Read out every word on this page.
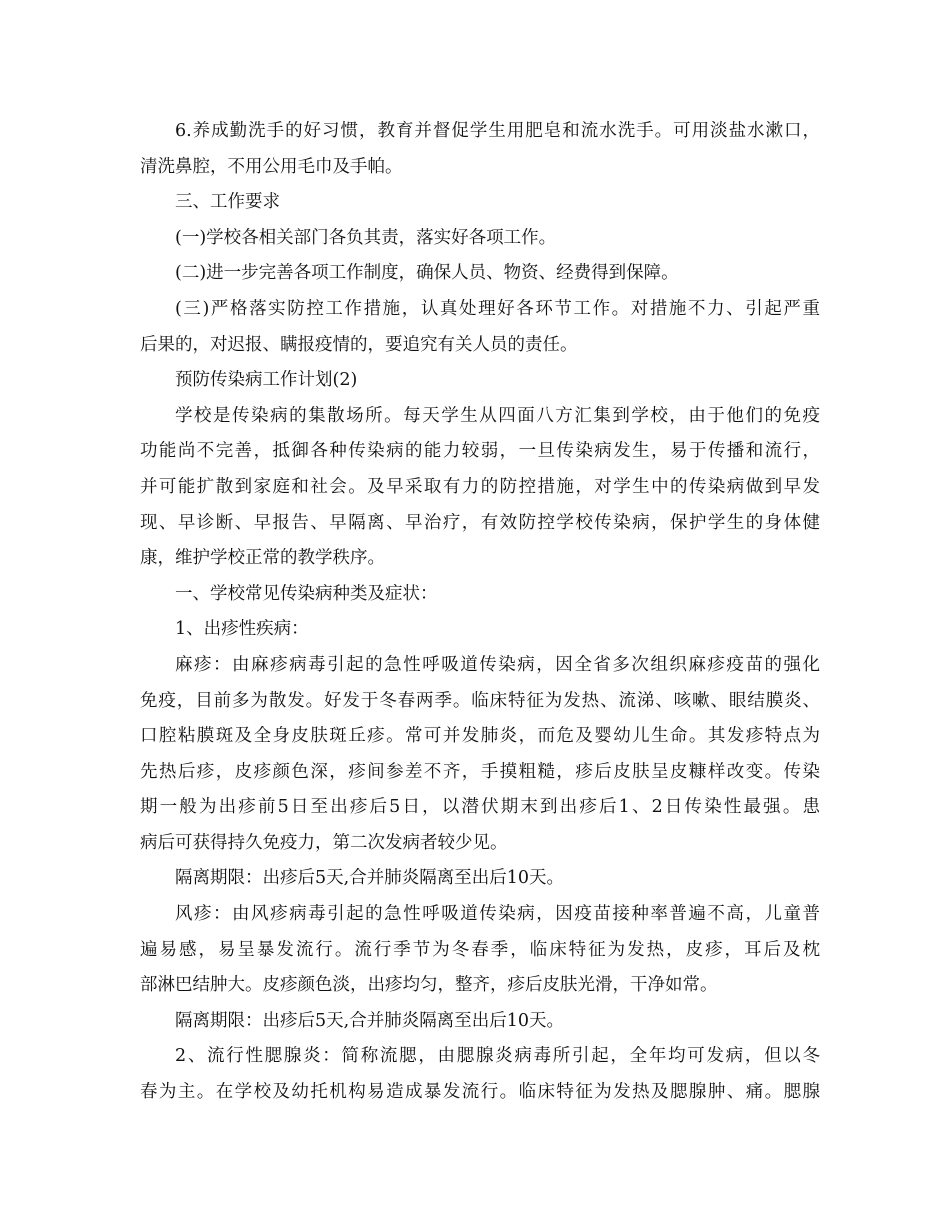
6.养成勤洗手的好习惯，教育并督促学生用肥皂和流水洗手。可用淡盐水漱口，
清洗鼻腔，不用公用毛巾及手帕。
三、工作要求
(一)学校各相关部门各负其责，落实好各项工作。
(二)进一步完善各项工作制度，确保人员、物资、经费得到保障。
(三)严格落实防控工作措施，认真处理好各环节工作。对措施不力、引起严重
后果的，对迟报、瞒报疫情的，要追究有关人员的责任。
预防传染病工作计划(2)
学校是传染病的集散场所。每天学生从四面八方汇集到学校，由于他们的免疫
功能尚不完善，抵御各种传染病的能力较弱，一旦传染病发生，易于传播和流行，
并可能扩散到家庭和社会。及早采取有力的防控措施，对学生中的传染病做到早发
现、早诊断、早报告、早隔离、早治疗，有效防控学校传染病，保护学生的身体健
康，维护学校正常的教学秩序。
一、学校常见传染病种类及症状：
1、出疹性疾病：
麻疹：由麻疹病毒引起的急性呼吸道传染病，因全省多次组织麻疹疫苗的强化
免疫，目前多为散发。好发于冬春两季。临床特征为发热、流涕、咳嗽、眼结膜炎、
口腔粘膜斑及全身皮肤斑丘疹。常可并发肺炎，而危及婴幼儿生命。其发疹特点为
先热后疹，皮疹颜色深，疹间参差不齐，手摸粗糙，疹后皮肤呈皮糠样改变。传染
期一般为出疹前5日至出疹后5日，以潜伏期末到出疹后1、2日传染性最强。患
病后可获得持久免疫力，第二次发病者较少见。
隔离期限：出疹后5天,合并肺炎隔离至出后10天。
风疹：由风疹病毒引起的急性呼吸道传染病，因疫苗接种率普遍不高，儿童普
遍易感，易呈暴发流行。流行季节为冬春季，临床特征为发热，皮疹，耳后及枕
部淋巴结肿大。皮疹颜色淡，出疹均匀，整齐，疹后皮肤光滑，干净如常。
隔离期限：出疹后5天,合并肺炎隔离至出后10天。
2、流行性腮腺炎：简称流腮，由腮腺炎病毒所引起，全年均可发病，但以冬
春为主。在学校及幼托机构易造成暴发流行。临床特征为发热及腮腺肿、痛。腮腺
